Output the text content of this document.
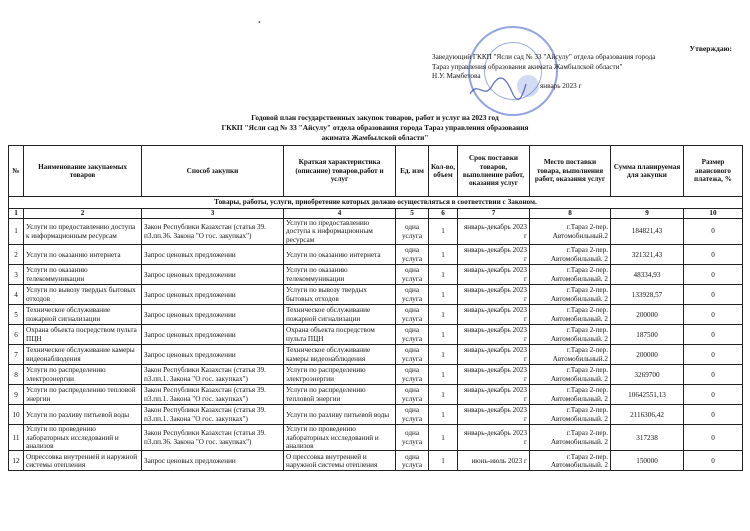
•
Утверждаю:
Заведующий ГККП "Ясли сад № 33 "Айсулу" отдела образования города
Тараз управления образования акимата Жамбылской области"
Н.У. Мамбетова
январь 2023 г
Годовой план государственных закупок товаров, работ и услуг на 2023 год
ГККП "Ясли сад № 33 "Айсулу" отдела образования города Тараз управления образования
акимата Жамбылской области"
№	Наименование закупаемых товаров	Способ закупки	Краткая характеристика (описание) товаров,работ и услуг	Ед. изм	Кол-во, объем	Срок поставки товаров, выполнение работ, оказания услуг	Место поставки товара, выполнения работ, оказания услуг	Сумма планируемая для закупки	Размер авансового платежа, %
Товары, работы, услуги, приобретение которых должно осуществляться в соответствии с Законом.									
1	2	3	4	5	6	7	8	9	10
1	Услуги по предоставлению доступа к информационным ресурсам	Закон Республики Казахстан (статья 39. п3.пп.36. Закона "О гос. закупках")	Услуги по предоставлению доступа к информационным ресурсам	одна услуга	1	январь-декабрь 2023 г	г.Тараз 2-пер. Автомобильный.2	184821,43	0
2	Услуги по оказанию интернета	Запрос ценовых предложении	Услуги по оказанию интернета	одна услуга	1	январь-декабрь 2023 г	г.Тараз 2-пер. Автомобильный. 2	321321,43	0
3	Услуги по оказанию телекоммуникации	Запрос ценовых предложении	Услуги по оказанию телекоммуникации	одна услуга	1	январь-декабрь 2023 г	г.Тараз 2-пер. Автомобильный. 2	48334,93	0
4	Услуги по вывозу твердых бытовых отходов	Запрос ценовых предложении	Услуги по вывозу твердых бытовых отходов	одна услуга	1	январь-декабрь 2023 г	г.Тараз 2-пер. Автомобильный. 2	133928,57	0
5	Техническое обслуживание пожарной сигнализации	Запрос ценовых предложении	Техническое обслуживание пожарной сигнализации	одна услуга	1	январь-декабрь 2023 г	г.Тараз 2-пер. Автомобильный. 2	200000	0
6	Охрана объекта посредством пульта ПЦН	Запрос ценовых предложении	Охрана объекта посредством пульта ПЦН	одна услуга	1	январь-декабрь 2023 г	г.Тараз 2-пер. Автомобильный. 2	187500	0
7	Техническое обслуживание камеры видеонаблюдения	Запрос ценовых предложении	Техническое обслуживание камеры видеонаблюдения	одна услуга	1	январь-декабрь 2023 г	г.Тараз 2-пер. Автомобильный.2	200000	0
8	Услуги по распределению электроэнергии	Закон Республики Казахстан (статья 39. п3.пп.1. Закона "О гос. закупках")	Услуги по распределению электроэнергии	одна услуга	1	январь-декабрь 2023 г	г.Тараз 2-пер. Автомобильный. 2	3269700	0
9	Услуги по распределению тепловой энергии	Закон Республики Казахстан (статья 39. п3.пп.1. Закона "О гос. закупках")	Услуги по распределению тепловой энергии	одна услуга	1	январь-декабрь 2023 г	г.Тараз 2-пер. Автомобильный. 2	10642551,13	0
10	Услуги по разливу питьевой воды	Закон Республики Казахстан (статья 39. п3.пп.1. Закона "О гос. закупках")	Услуги по разливу питьевой воды	одна услуга	1	январь-декабрь 2023 г	г.Тараз 2-пер. Автомобильный. 2	2116306,42	0
11	Услуги по проведению лабораторных исследований и анализов	Закон Республики Казахстан (статья 39. п3.пп.36. Закона "О гос. закупках")	Услуги по проведению лабораторных исследований и анализов	одна услуга	1	январь-декабрь 2023 г	г.Тараз 2-пер. Автомобильный. 2	317238	0
12	Опрессовка внутренней и наружной системы отепления	Запрос ценовых предложении	О прессовка внутренней и наружной системы отепления	одна услуга	1	июнь-июль 2023 г	г.Тараз 2-пер. Автомобильный. 2	150000	0
